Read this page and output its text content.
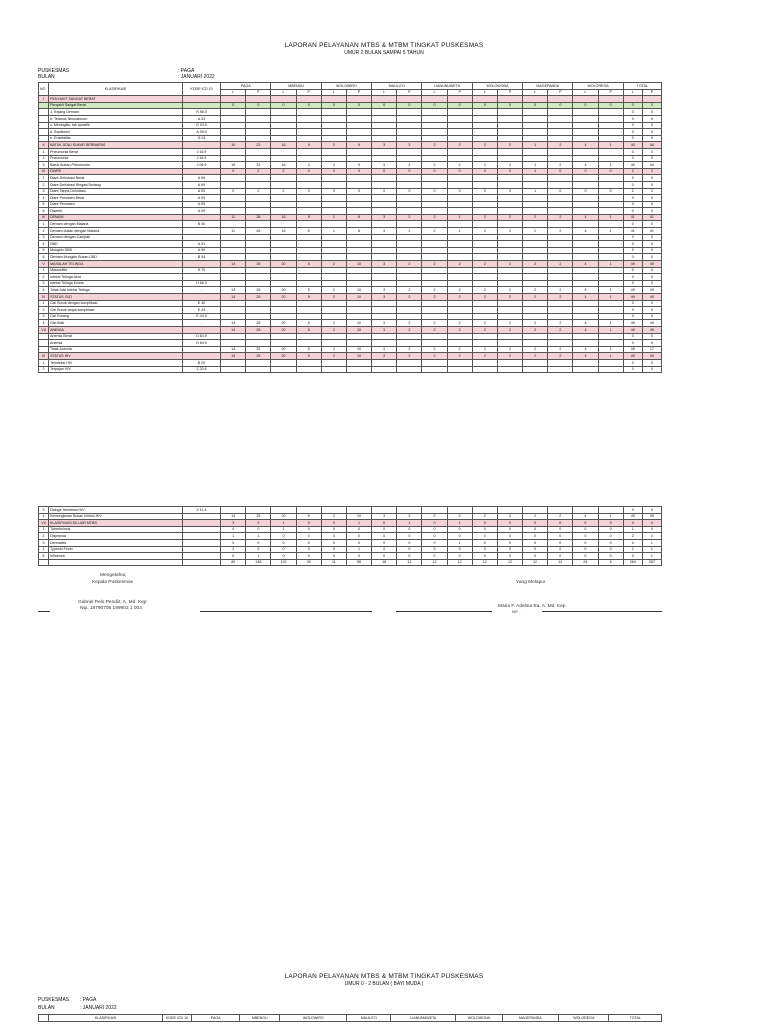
LAPORAN PELAYANAN MTBS & MTBM TINGKAT PUSKESMAS
UMUR 2 BULAN SAMPAI 5 TAHUN
PUSKESMAS	: PAGA
BULAN	: JANUARI 2022
NO	KLASIFIKASI	KODE ICD 10	PAGA		MBENGU		WOLOWIRO		MAULO'O		LIANUNUWETA		WOLOWONA		MAGEPANDA		WOLOREGA		TOTAL	
			L	P	L	P	L	P	L	P	L	P	L	P	L	P	L	P	L	P
I	PENYAKIT SANGAT BERAT																			
	Penyakit Sangat Berat		0	0	0	0	0	0	0	0	0	0	0	0	0	0	0	0	0	0
	1. Kejang Demam	R 56.0																	0	0
	b. Tetanus Neonatorum	A 33																	0	0
	c. Meningitis, tak spesifik	G 03.9																	0	0
	d. Septikemi	A 39.9																	0	0
	e. Ensefalitis	G 04																	0	0
II	BATUK ATAU SUKAR BERNAPAS		10	23	16	4	2	9	3	3	2	2	2	2	1	2	4	1	40	44
1	Pneumonia Berat	J 15.9																	0	0
2	Pneumonia	J 18.9																	0	0
3	Batuk Bukan Pneumonia	J 06.9	10	23	16	4	2	9	3	3	2	2	2	2	1	2	4	1	40	44
III	DIARE		0	2	2	0	0	0	0	0	0	0	0	0	1	0	0	0	2	2
1	Diare Dehidrasi Berat	A 09																	0	0
2	Diare Dehidrasi Ringan/Sedang	A 09																	0	0
3	Diare Tanpa Dehidrasi	A 09	0	2	2	0	0	0	0	0	0	0	0	0	1	0	0	0	2	2
4	Diare Persisten Berat	A 09																	0	0
5	Diare Persisten	A 09																	0	0
6	Disentri	A 09																	0	0
IV	DEMAM		11	28	16	5	1	8	3	2	2	1	2	2	2	2	4	1	41	41
1	Demam dengan Malaria	B 50																	0	0
2	Demam bukan dengan Malaria		11	28	16	5	1	8	3	2	2	1	2	2	2	2	4	1	41	41
3	Demam dengan Campak																		0	0
4	DBD	A 91																	0	0
5	Mungkin DBD	A 90																	0	0
6	Demam Mungkin Bukan DBD	B 54																	0	0
V	MASALAH TELINGA		14	25	20	5	2	10	3	2	2	2	2	2	2	2	4	1	49	49
1	Mastoiditis	H 70																	0	0
2	Infeksi Telinga Akut																		0	0
3	Infeksi Telinga Kronis	H 66.3																	0	0
4	Tidak Ada Infeksi Telinga	-	14	25	20	5	2	10	3	2	2	2	2	2	2	2	4	1	49	49
VI	STATUS GIZI		14	25	20	5	2	10	3	2	2	2	2	2	2	2	4	1	49	49
1	Gizi Buruk dengan komplikasi	E 40																	0	0
2	Gizi Buruk tanpa komplikasi	E 43																	0	0
3	Gizi Kurang	E 44.9																	0	0
4	Gizi Baik	-	14	25	20	5	2	10	3	2	2	2	2	2	2	2	4	1	49	49
VII	ANEMIA		14	25	20	5	2	10	3	2	2	2	2	2	2	2	4	1	49	49
	Anemia Berat	D 64.9																	0	0
	Anemia	D 64.9																	0	0
	Tidak Anemia		14	25	20	5	2	10	3	2	2	2	2	2	2	2	4	1	35	17
IX	STATUS HIV		14	25	20	5	2	10	3	2	2	2	2	2	2	2	4	1	49	49
1	Terinfeksi HIV	B 20																	0	0
2	Terpajan HIV	Z 20.6																	0	0
3	Diduga Terinfeksi HIV	Z 11.4																	0	0
4	Kemungkinan Bukan Infeksi HIV		14	25	20	5	2	10	3	2	2	2	2	2	2	2	4	1	49	49
VII	KLASIFIKASI DILUAR MTBS		3	2	1	0	0	1	0	1	0	1	0	0	0	0	0	0	4	4
1	Tuberkulosis		0	0	1	0	0	0	0	0	0	0	0	0	0	0	0	0	1	0
2	Dispepsia		1	1	0	0	0	0	0	0	0	0	0	0	0	0	0	0	2	1
3	Dermatitis		0	0	0	0	0	0	0	0	0	1	0	0	0	0	0	0	0	1
4	Typhoid Fever		2	0	0	0	0	1	0	0	0	0	0	0	0	0	0	0	2	1
5	Influenza		0	1	0	0	0	0	0	0	0	0	0	0	0	0	0	0	0	1
			80	148	119	30	11	58	18	13	12	12	12	12	12	12	24	6	284	287
Mengetahui,
Kepala Puskesmas
Gabriel Pelo Pendiit, A. Md. Kep
Nip. 19790705 199903 1 004
Yang Melapor
Maria F. Adelina Ea, A. Md. Kep
NIP. -
LAPORAN PELAYANAN MTBS & MTBM TINGKAT PUSKESMAS
UMUR 0 - 2 BULAN ( BAYI MUDA )
PUSKESMAS : PAGA
BULAN	: JANUARI 2022
	KLASIFIKASI	KODE ICD 10	PAGA	MBENGU	WOLOWIRO	MAULO'O	LIANUNUWETA	WOLOWONA	MAGEPANDA	WOLOREGA	TOTAL
